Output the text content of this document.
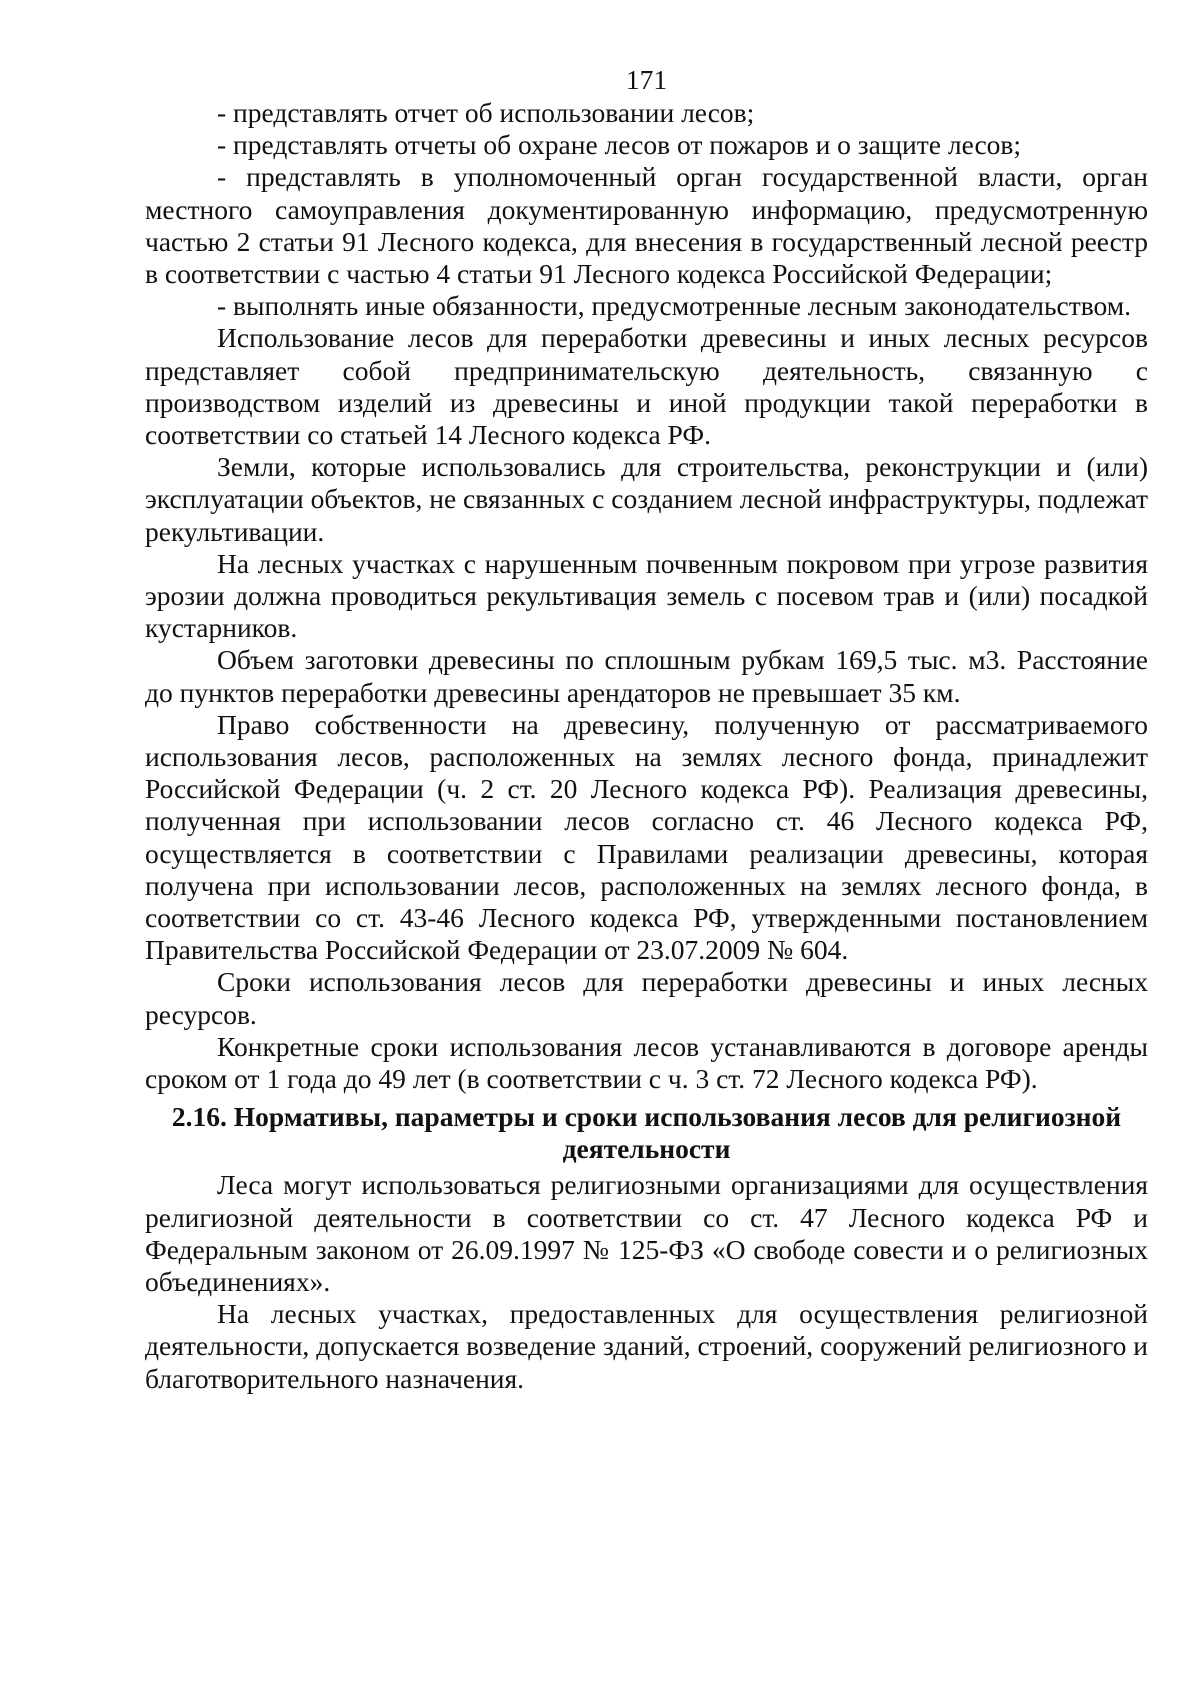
171

- представлять отчет об использовании лесов;

- представлять отчеты об охране лесов от пожаров и о защите лесов;

- представлять в уполномоченный орган государственной власти, орган местного самоуправления документированную информацию, предусмотренную частью 2 статьи 91 Лесного кодекса, для внесения в государственный лесной реестр в соответствии с частью 4 статьи 91 Лесного кодекса Российской Федерации;

- выполнять иные обязанности, предусмотренные лесным законодательством.

Использование лесов для переработки древесины и иных лесных ресурсов представляет собой предпринимательскую деятельность, связанную с производством изделий из древесины и иной продукции такой переработки в соответствии со статьей 14 Лесного кодекса РФ.

Земли, которые использовались для строительства, реконструкции и (или) эксплуатации объектов, не связанных с созданием лесной инфраструктуры, подлежат рекультивации.

На лесных участках с нарушенным почвенным покровом при угрозе развития эрозии должна проводиться рекультивация земель с посевом трав и (или) посадкой кустарников.

Объем заготовки древесины по сплошным рубкам 169,5 тыс. м3. Расстояние до пунктов переработки древесины арендаторов не превышает 35 км.

Право собственности на древесину, полученную от рассматриваемого использования лесов, расположенных на землях лесного фонда, принадлежит Российской Федерации (ч. 2 ст. 20 Лесного кодекса РФ). Реализация древесины, полученная при использовании лесов согласно ст. 46 Лесного кодекса РФ, осуществляется в соответствии с Правилами реализации древесины, которая получена при использовании лесов, расположенных на землях лесного фонда, в соответствии со ст. 43-46 Лесного кодекса РФ, утвержденными постановлением Правительства Российской Федерации от 23.07.2009 № 604.

Сроки использования лесов для переработки древесины и иных лесных ресурсов.

Конкретные сроки использования лесов устанавливаются в договоре аренды сроком от 1 года до 49 лет (в соответствии с ч. 3 ст. 72 Лесного кодекса РФ).

2.16. Нормативы, параметры и сроки использования лесов для религиозной деятельности

Леса могут использоваться религиозными организациями для осуществления религиозной деятельности в соответствии со ст. 47 Лесного кодекса РФ и Федеральным законом от 26.09.1997 № 125-ФЗ «О свободе совести и о религиозных объединениях».

На лесных участках, предоставленных для осуществления религиозной деятельности, допускается возведение зданий, строений, сооружений религиозного и благотворительного назначения.
